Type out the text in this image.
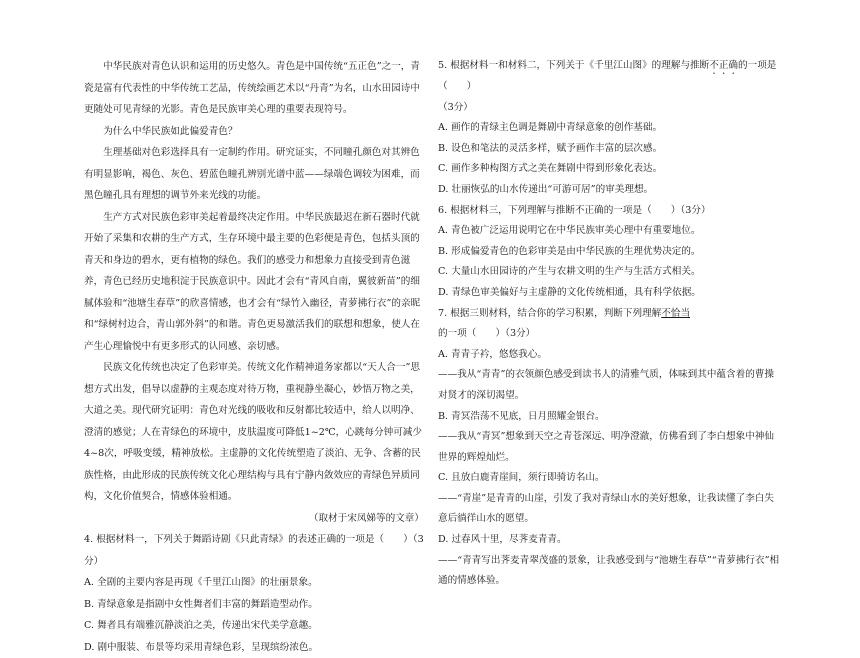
中华民族对青色认识和运用的历史悠久。青色是中国传统“五正色”之一，青瓷是富有代表性的中华传统工艺品，传统绘画艺术以“丹青”为名，山水田园诗中更随处可见青绿的光影。青色是民族审美心理的重要表现符号。

为什么中华民族如此偏爱青色？

生理基础对色彩选择具有一定制约作用。研究证实，不同瞳孔颜色对其辨色有明显影响，褐色、灰色、碧蓝色瞳孔辨别光谱中蓝——绿端色调较为困难，而黑色瞳孔具有理想的调节外来光线的功能。

生产方式对民族色彩审美起着最终决定作用。中华民族最迟在新石器时代就开始了采集和农耕的生产方式，生存环境中最主要的色彩便是青色，包括头顶的青天和身边的碧水，更有植物的绿色。我们的感受力和想象力直接受到青色滋养，青色已经历史地积淀于民族意识中。因此才会有“青风自南，翼彼新苗”的细腻体验和“池塘生春草”的欣喜情感，也才会有“绿竹入幽径，青萝拂行衣”的亲昵和“绿树村边合，青山郭外斜”的和谐。青色更易激活我们的联想和想象，使人在产生心理愉悦中有更多形式的认同感、亲切感。

民族文化传统也决定了色彩审美。传统文化作精神道务家都以“天人合一”思想方式出发，倡导以虚静的主观态度对待万物，重视静坐凝心，妙悟万物之美，大道之美。现代研究证明：青色对光线的吸收和反射都比较适中，给人以明净、澄清的感觉；人在青绿色的环境中，皮肤温度可降低1~2℃，心跳每分钟可减少4~8次，呼吸变缓，精神放松。主虚静的文化传统塑造了淡泊、无争、含蓄的民族性格，由此形成的民族传统文化心理结构与具有宁静内敛效应的青绿色异质同构，文化价值契合，情感体验相通。

（取材于宋凤娣等的文章）

4. 根据材料一，下列关于舞蹈诗剧《只此青绿》的表述正确的一项是（　　）（3分）

A. 全剧的主要内容是再现《千里江山图》的壮丽景象。

B. 青绿意象是指剧中女性舞者们丰富的舞蹈造型动作。

C. 舞者具有端雅沉静淡泊之美，传递出宋代美学意趣。

D. 剧中服装、布景等均采用青绿色彩，呈现缤纷浓色。

5. 根据材料一和材料二，下列关于《千里江山图》的理解与推断不正确的一项是（　　）

（3分）

A. 画作的青绿主色调是舞剧中青绿意象的创作基础。

B. 设色和笔法的灵活多样，赋予画作丰富的层次感。

C. 画作多种构图方式之美在舞剧中得到形象化表达。

D. 壮丽恢弘的山水传递出“可游可居”的审美理想。

6. 根据材料三，下列理解与推断不正确的一项是（　　）（3分）

A. 青色被广泛运用说明它在中华民族审美心理中有重要地位。

B. 形成偏爱青色的色彩审美是由中华民族的生理优势决定的。

C. 大量山水田园诗的产生与农耕文明的生产与生活方式相关。

D. 青绿色审美偏好与主虚静的文化传统相通，具有科学依据。

7. 根据三则材料，结合你的学习积累，判断下列理解不恰当的一项（　　）（3分）

A. 青青子衿，悠悠我心。

——我从“青青”的衣领颜色感受到读书人的清雅气质，体味到其中蕴含着的曹操对贤才的深切渴望。

B. 青冥浩荡不见底，日月照耀金银台。

——我从“青冥”想象到天空之青苍深远、明净澄澈，仿佛看到了李白想象中神仙世界的辉煌灿烂。

C. 且放白鹿青崖间，须行即骑访名山。

——“青崖”是青青的山崖，引发了我对青绿山水的美好想象，让我读懂了李白失意后徜徉山水的愿望。

D. 过春风十里，尽荠麦青青。

——“青青写出荠麦青翠茂盛的景象，让我感受到与“池塘生春草”“青萝拂行衣”相通的情感体验。
